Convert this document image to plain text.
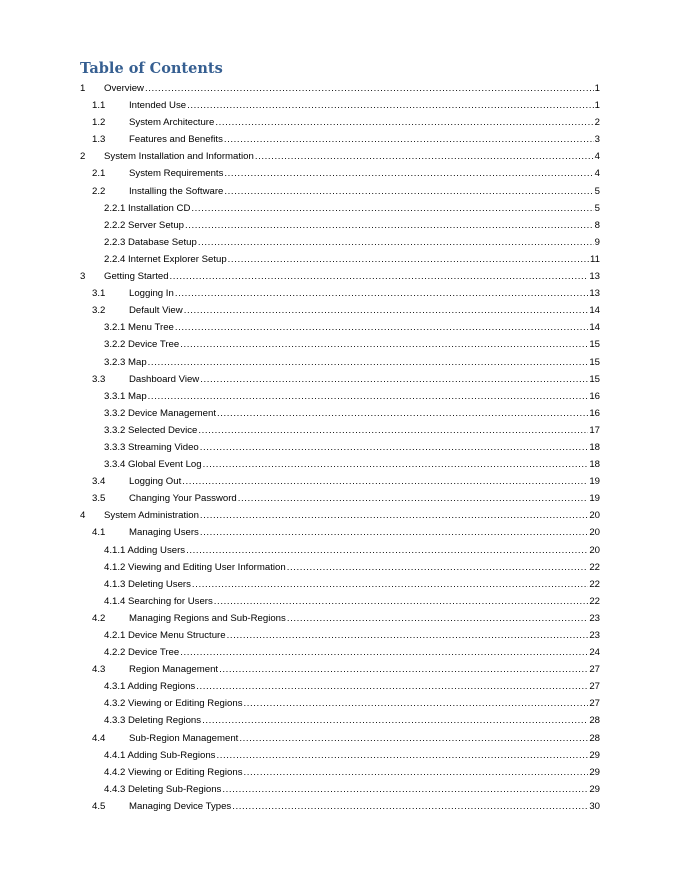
Table of Contents
1	Overview .....	1
1.1	Intended Use .....	1
1.2	System Architecture .....	2
1.3	Features and Benefits .....	3
2	System Installation and Information .....	4
2.1	System Requirements .....	4
2.2	Installing the Software .....	5
2.2.1 Installation CD .....	5
2.2.2 Server Setup .....	8
2.2.3 Database Setup .....	9
2.2.4 Internet Explorer Setup .....	11
3	Getting Started .....	13
3.1	Logging In .....	13
3.2	Default View .....	14
3.2.1 Menu Tree .....	14
3.2.2 Device Tree .....	15
3.2.3 Map .....	15
3.3	Dashboard View .....	15
3.3.1 Map .....	16
3.3.2 Device Management .....	16
3.3.2 Selected Device .....	17
3.3.3 Streaming Video .....	18
3.3.4 Global Event Log .....	18
3.4	Logging Out .....	19
3.5	Changing Your Password .....	19
4	System Administration .....	20
4.1	Managing Users .....	20
4.1.1 Adding Users .....	20
4.1.2 Viewing and Editing User Information .....	22
4.1.3 Deleting Users .....	22
4.1.4 Searching for Users .....	22
4.2	Managing Regions and Sub-Regions .....	23
4.2.1 Device Menu Structure .....	23
4.2.2 Device Tree .....	24
4.3	Region Management .....	27
4.3.1 Adding Regions .....	27
4.3.2 Viewing or Editing Regions .....	27
4.3.3 Deleting Regions .....	28
4.4	Sub-Region Management .....	28
4.4.1 Adding Sub-Regions .....	29
4.4.2 Viewing or Editing Regions .....	29
4.4.3 Deleting Sub-Regions .....	29
4.5	Managing Device Types .....	30
